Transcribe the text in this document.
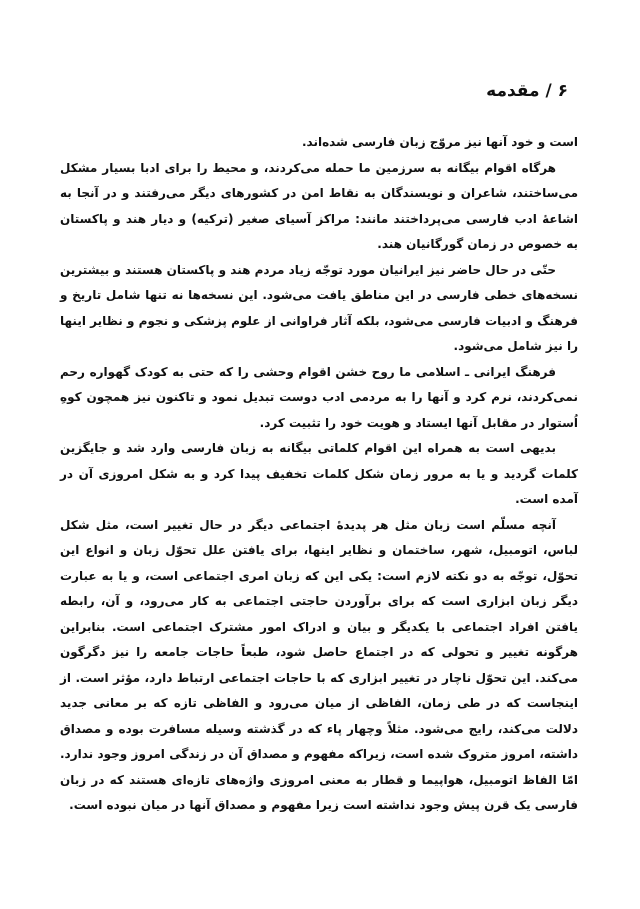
۶ / مقدمه

است و خود آنها نیز مروّج زبان فارسی شده‌اند.

هرگاه اقوام بیگانه به سرزمین ما حمله می‌کردند، و محیط را برای ادبا بسیار مشکل می‌ساختند، شاعران و نویسندگان به نقاط امن در کشورهای دیگر می‌رفتند و در آنجا به اشاعهٔ ادب فارسی می‌پرداختند مانند: مراکز آسیای صغیر (ترکیه) و دیار هند و پاکستان به خصوص در زمان گورگانیان هند.

حتّی در حال حاضر نیز ایرانیان مورد توجّه زیاد مردم هند و پاکستان هستند و بیشترین نسخه‌های خطی فارسی در این مناطق یافت می‌شود. این نسخه‌ها نه تنها شامل تاریخ و فرهنگ و ادبیات فارسی می‌شود، بلکه آثار فراوانی از علوم پزشکی و نجوم و نظایر اینها را نیز شامل می‌شود.

فرهنگ ایرانی ـ اسلامی ما روح خشن اقوام وحشی را که حتی به کودک گهواره رحم نمی‌کردند، نرم کرد و آنها را به مردمی ادب دوست تبدیل نمود و تاکنون نیز همچون کوهِ اُستوار در مقابل آنها ایستاد و هویت خود را تثبیت کرد.

بدیهی است به همراه این اقوام کلماتی بیگانه به زبان فارسی وارد شد و جایگزین کلمات گردید و یا به مرور زمان شکل کلمات تخفیف پیدا کرد و به شکل امروزی آن در آمده است.

آنچه مسلّم است زبان مثل هر پدیدهٔ اجتماعی دیگر در حال تغییر است، مثل شکل لباس، اتومبیل، شهر، ساختمان و نظایر اینها، برای یافتن علل تحوّل زبان و انواع این تحوّل، توجّه به دو نکته لازم است: یکی این که زبان امری اجتماعی است، و یا به عبارت دیگر زبان ابزاری است که برای برآوردن حاجتی اجتماعی به کار می‌رود، و آن، رابطه یافتن افراد اجتماعی با یکدیگر و بیان و ادراک امور مشترک اجتماعی است. بنابراین هرگونه تغییر و تحولی که در اجتماع حاصل شود، طبعاً حاجات جامعه را نیز دگرگون می‌کند. این تحوّل ناچار در تغییر ابزاری که با حاجات اجتماعی ارتباط دارد، مؤثر است. از اینجاست که در طی زمان، الفاظی از میان می‌رود و الفاظی تازه که بر معانی جدید دلالت می‌کند، رایج می‌شود. مثلاً وچهار پاء که در گذشته وسیله مسافرت بوده و مصداق داشته، امروز متروک شده است، زیراکه مفهوم و مصداق آن در زندگی امروز وجود ندارد. امّا الفاظ اتومبیل، هواپیما و قطار به معنی امروزی واژه‌های تازه‌ای هستند که در زبان فارسی یک قرن پیش وجود نداشته است زیرا مفهوم و مصداق آنها در میان نبوده است.
